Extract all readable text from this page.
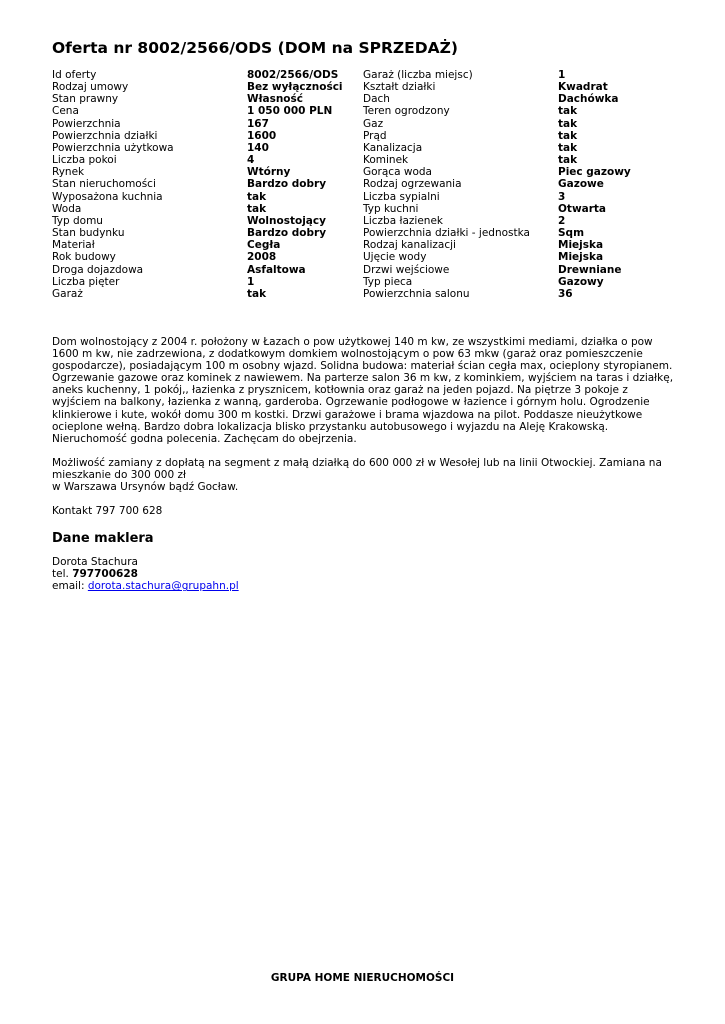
Oferta nr 8002/2566/ODS (DOM na SPRZEDAŻ)
Id oferty	8002/2566/ODS	Garaż (liczba miejsc)	1
Rodzaj umowy	Bez wyłączności	Kształt działki	Kwadrat
Stan prawny	Własność	Dach	Dachówka
Cena	1 050 000 PLN	Teren ogrodzony	tak
Powierzchnia	167	Gaz	tak
Powierzchnia działki	1600	Prąd	tak
Powierzchnia użytkowa	140	Kanalizacja	tak
Liczba pokoi	4	Kominek	tak
Rynek	Wtórny	Gorąca woda	Piec gazowy
Stan nieruchomości	Bardzo dobry	Rodzaj ogrzewania	Gazowe
Wyposażona kuchnia	tak	Liczba sypialni	3
Woda	tak	Typ kuchni	Otwarta
Typ domu	Wolnostojący	Liczba łazienek	2
Stan budynku	Bardzo dobry	Powierzchnia działki - jednostka	Sqm
Materiał	Cegła	Rodzaj kanalizacji	Miejska
Rok budowy	2008	Ujęcie wody	Miejska
Droga dojazdowa	Asfaltowa	Drzwi wejściowe	Drewniane
Liczba pięter	1	Typ pieca	Gazowy
Garaż	tak	Powierzchnia salonu	36

Dom wolnostojący z 2004 r. położony w Łazach o pow użytkowej 140 m kw, ze wszystkimi mediami, działka o pow 1600 m kw, nie zadrzewiona, z dodatkowym domkiem wolnostojącym o pow 63 mkw (garaż oraz pomieszczenie gospodarcze), posiadającym 100 m osobny wjazd. Solidna budowa: materiał ścian cegła max, ocieplony styropianem. Ogrzewanie gazowe oraz kominek z nawiewem. Na parterze salon 36 m kw, z kominkiem, wyjściem na taras i działkę, aneks kuchenny, 1 pokój,, łazienka z prysznicem, kotłownia oraz garaż na jeden pojazd. Na piętrze 3 pokoje z wyjściem na balkony, łazienka z wanną, garderoba. Ogrzewanie podłogowe w łazience i górnym holu. Ogrodzenie klinkierowe i kute, wokół domu 300 m kostki. Drzwi garażowe i brama wjazdowa na pilot. Poddasze nieużytkowe ocieplone wełną. Bardzo dobra lokalizacja blisko przystanku autobusowego i wyjazdu na Aleję Krakowską. Nieruchomość godna polecenia. Zachęcam do obejrzenia.

Możliwość zamiany z dopłatą na segment z małą działką do 600 000 zł w Wesołej lub na linii Otwockiej. Zamiana na mieszkanie do 300 000 zł

w Warszawa Ursynów bądź Gocław.

Kontakt 797 700 628

Dane maklera
Dorota Stachura
tel. 797700628
email: dorota.stachura@grupahn.pl
GRUPA HOME NIERUCHOMOŚCI
